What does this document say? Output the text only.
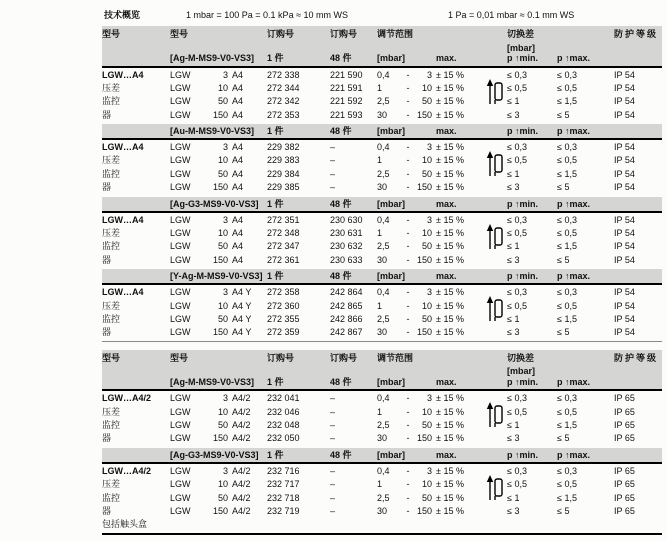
技术概览	1 mbar = 100 Pa = 0.1 kPa ≈ 10 mm WS	1 Pa = 0,01 mbar ≈ 0.1 mm WS
型号	型号	订购号	订购号 调节范围	切换差	防护等级
[Ag-M-MS9-V0-VS3]	1 件	48 件	[mbar]	max.
[mbar]
p ↑min.	p ↑max.
LGW…A4	LGW	3 A4	272 338	221 590	0,4	-	3 ± 15 %	≤ 0,3	≤ 0,3	IP 54
压差	LGW	10 A4	272 344	221 591	1	-	10 ± 15 %	≤ 0,5	≤ 0,5	IP 54
监控	LGW	50 A4	272 342	221 592	2,5	-	50 ± 15 %	≤ 1	≤ 1,5	IP 54
器	LGW	150 A4	272 353	221 593	30	- 150 ± 15 %	≤ 3	≤ 5	IP 54
[Au-M-MS9-V0-VS3]	1 件	48 件	[mbar]	max.	p ↑min.	p ↑max.
LGW…A4	LGW	3 A4	229 382	–	0,4	-	3 ± 15 %	≤ 0,3	≤ 0,3	IP 54
压差	LGW	10 A4	229 383	–	1	-	10 ± 15 %	≤ 0,5	≤ 0,5	IP 54
监控	LGW	50 A4	229 384	–	2,5	-	50 ± 15 %	≤ 1	≤ 1,5	IP 54
器	LGW	150 A4	229 385	–	30	- 150 ± 15 %	≤ 3	≤ 5	IP 54
[Ag-G3-MS9-V0-VS3] 1 件	48 件	[mbar]	max.	p ↑min.	p ↑max.
LGW…A4	LGW	3 A4	272 351	230 630	0,4	-	3 ± 15 %	≤ 0,3	≤ 0,3	IP 54
压差	LGW	10 A4	272 348	230 631	1	-	10 ± 15 %	≤ 0,5	≤ 0,5	IP 54
监控	LGW	50 A4	272 347	230 632	2,5	-	50 ± 15 %	≤ 1	≤ 1,5	IP 54
器	LGW	150 A4	272 361	230 633	30	- 150 ± 15 %	≤ 3	≤ 5	IP 54
[Y-Ag-M-MS9-V0-VS3] 1 件	48 件	[mbar]	max.	p ↑min.	p ↑max.
LGW…A4	LGW	3 A4 Y	272 358	242 864	0,4	-	3 ± 15 %	≤ 0,3	≤ 0,3	IP 54
压差	LGW	10 A4 Y	272 360	242 865	1	-	10 ± 15 %	≤ 0,5	≤ 0,5	IP 54
监控	LGW	50 A4 Y	272 355	242 866	2,5	-	50 ± 15 %	≤ 1	≤ 1,5	IP 54
器	LGW	150 A4 Y	272 359	242 867	30	- 150 ± 15 %	≤ 3	≤ 5	IP 54
型号	型号	订购号	订购号 调节范围	切换差	防护等级
[Ag-M-MS9-V0-VS3]	1 件	48 件	[mbar]	max.
[mbar]
p ↑min.	p ↑max.
LGW…A4/2	LGW	3 A4/2	232 041	–	0,4	-	3 ± 15 %	≤ 0,3	≤ 0,3	IP 65
压差	LGW	10 A4/2	232 046	–	1	-	10 ± 15 %	≤ 0,5	≤ 0,5	IP 65
监控	LGW	50 A4/2	232 048	–	2,5	-	50 ± 15 %	≤ 1	≤ 1,5	IP 65
器	LGW	150 A4/2	232 050	–	30	- 150 ± 15 %	≤ 3	≤ 5	IP 65
[Ag-G3-MS9-V0-VS3] 1 件	48 件	[mbar]	max.	p ↑min.	p ↑max.
LGW…A4/2	LGW	3 A4/2	232 716	–	0,4	-	3 ± 15 %	≤ 0,3	≤ 0,3	IP 65
压差	LGW	10 A4/2	232 717	–	1	-	10 ± 15 %	≤ 0,5	≤ 0,5	IP 65
监控	LGW	50 A4/2	232 718	–	2,5	-	50 ± 15 %	≤ 1	≤ 1,5	IP 65
器	LGW	150 A4/2	232 719	–	30	- 150 ± 15 %	≤ 3	≤ 5	IP 65
包括触头盒
